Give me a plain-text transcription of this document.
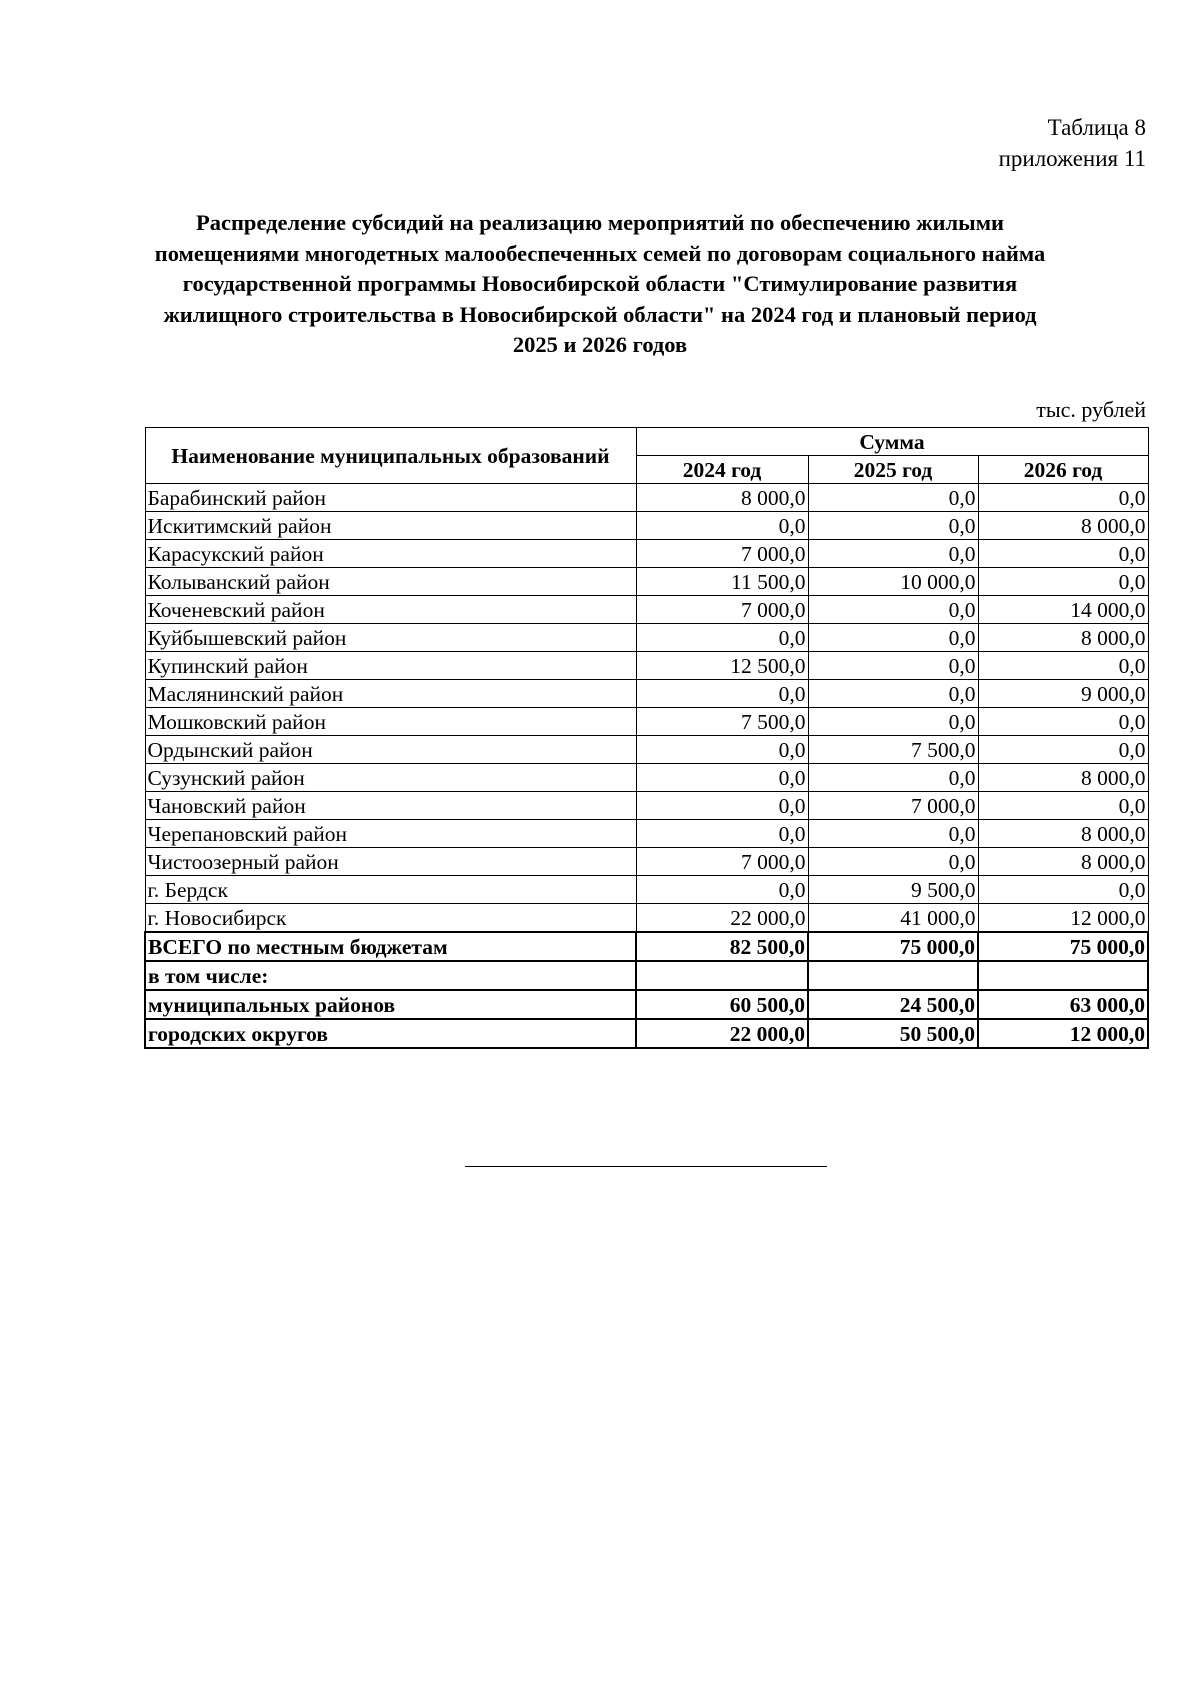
Таблица 8
приложения 11
Распределение субсидий на реализацию мероприятий по обеспечению жилыми помещениями многодетных малообеспеченных семей по договорам социального найма государственной программы Новосибирской области "Стимулирование развития жилищного строительства в Новосибирской области" на 2024 год и плановый период 2025 и 2026 годов
тыс. рублей
Наименование муниципальных образований	Сумма		
	2024 год	2025 год	2026 год
Барабинский район	8 000,0	0,0	0,0
Искитимский район	0,0	0,0	8 000,0
Карасукский район	7 000,0	0,0	0,0
Колыванский район	11 500,0	10 000,0	0,0
Коченевский район	7 000,0	0,0	14 000,0
Куйбышевский район	0,0	0,0	8 000,0
Купинский район	12 500,0	0,0	0,0
Маслянинский район	0,0	0,0	9 000,0
Мошковский район	7 500,0	0,0	0,0
Ордынский район	0,0	7 500,0	0,0
Сузунский район	0,0	0,0	8 000,0
Чановский район	0,0	7 000,0	0,0
Черепановский район	0,0	0,0	8 000,0
Чистоозерный район	7 000,0	0,0	8 000,0
г. Бердск	0,0	9 500,0	0,0
г. Новосибирск	22 000,0	41 000,0	12 000,0
ВСЕГО по местным бюджетам	82 500,0	75 000,0	75 000,0
в том числе:			
муниципальных районов	60 500,0	24 500,0	63 000,0
городских округов	22 000,0	50 500,0	12 000,0
